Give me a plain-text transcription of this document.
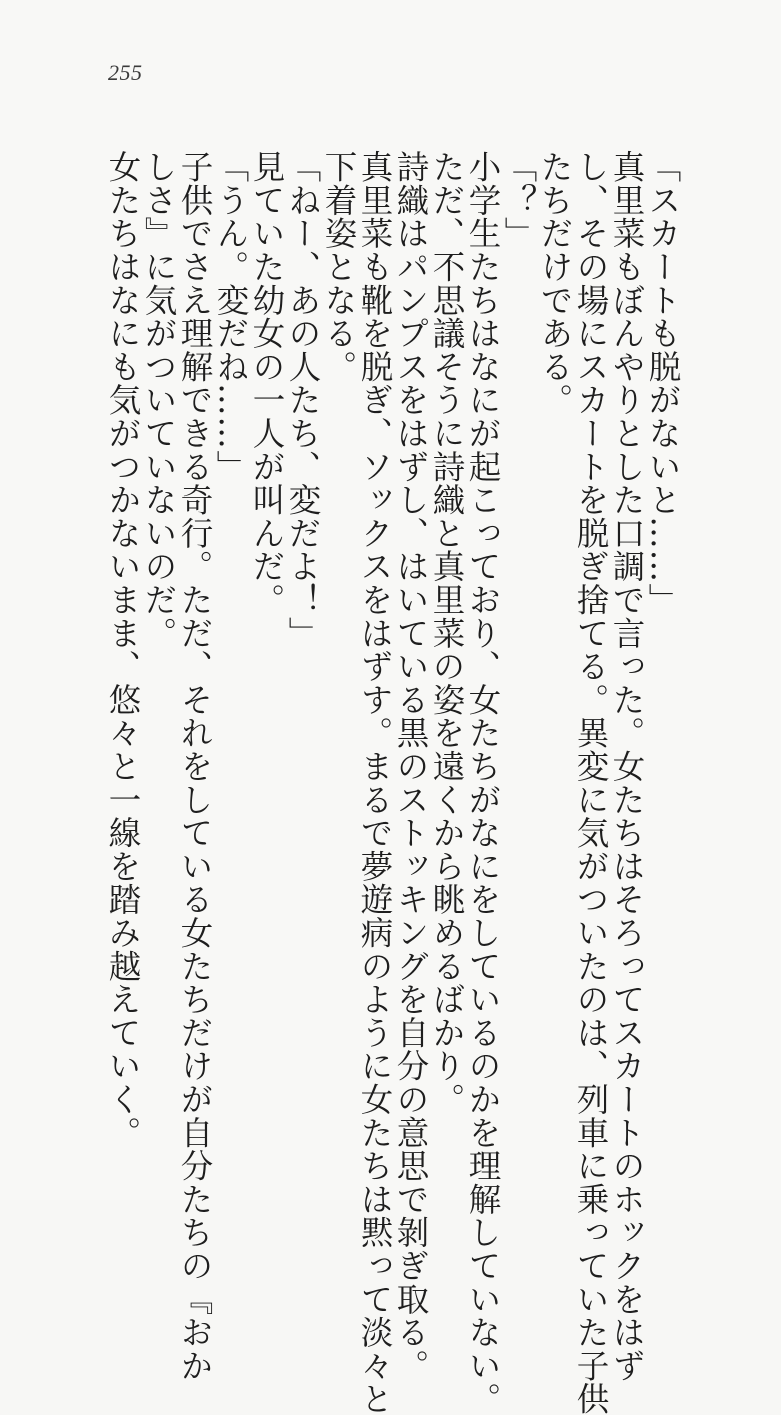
255

「スカートも脱がないと……」

真里菜もぼんやりとした口調で言った。女たちはそろってスカートのホックをはず

し、その場にスカートを脱ぎ捨てる。異変に気がついたのは、列車に乗っていた子供

たちだけである。

「？」

小学生たちはなにが起こっており、女たちがなにをしているのかを理解していない。

ただ、不思議そうに詩織と真里菜の姿を遠くから眺めるばかり。

詩織はパンプスをはずし、はいている黒のストッキングを自分の意思で剝ぎ取る。

真里菜も靴を脱ぎ、ソックスをはずす。まるで夢遊病のように女たちは黙って淡々と

下着姿となる。

「ねー、あの人たち、変だよ！」

見ていた幼女の一人が叫んだ。

「うん。変だね……」

子供でさえ理解できる奇行。ただ、それをしている女たちだけが自分たちの『おか

しさ』に気がついていないのだ。

女たちはなにも気がつかないまま、悠々と一線を踏み越えていく。
